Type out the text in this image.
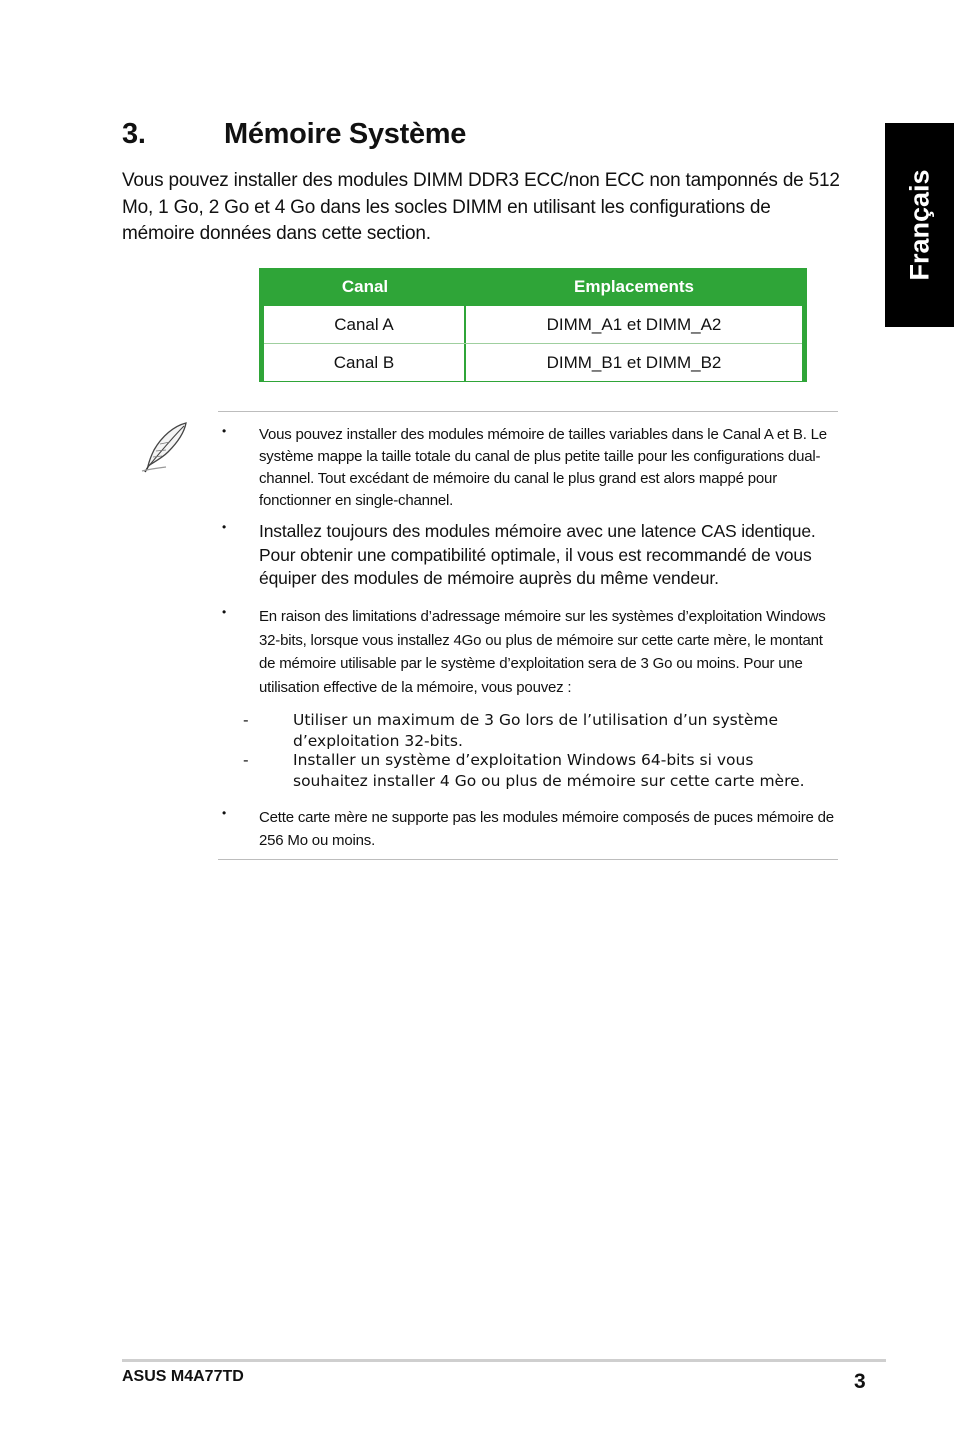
Français
3.	Mémoire Système
Vous pouvez installer des modules DIMM DDR3 ECC/non ECC non tamponnés de 512 Mo, 1 Go, 2 Go et 4 Go dans les socles DIMM en utilisant les configurations de mémoire données dans cette section.
Canal	Emplacements
Canal A	DIMM_A1 et DIMM_A2
Canal B	DIMM_B1 et DIMM_B2
• Vous pouvez installer des modules mémoire de tailles variables dans le Canal A et B. Le système mappe la taille totale du canal de plus petite taille pour les configurations dual-channel. Tout excédant de mémoire du canal le plus grand est alors mappé pour fonctionner en single-channel.
• Installez toujours des modules mémoire avec une latence CAS identique. Pour obtenir une compatibilité optimale, il vous est recommandé de vous équiper des modules de mémoire auprès du même vendeur.
• En raison des limitations d’adressage mémoire sur les systèmes d’exploitation Windows 32-bits, lorsque vous installez 4Go ou plus de mémoire sur cette carte mère, le montant de mémoire utilisable par le système d’exploitation sera de 3 Go ou moins. Pour une utilisation effective de la mémoire, vous pouvez :
-	Utiliser un maximum de 3 Go lors de l’utilisation d’un système d’exploitation 32-bits.
-	Installer un système d’exploitation Windows 64-bits si vous souhaitez installer 4 Go ou plus de mémoire sur cette carte mère.
• Cette carte mère ne supporte pas les modules mémoire composés de puces mémoire de 256 Mo ou moins.
ASUS M4A77TD	3
